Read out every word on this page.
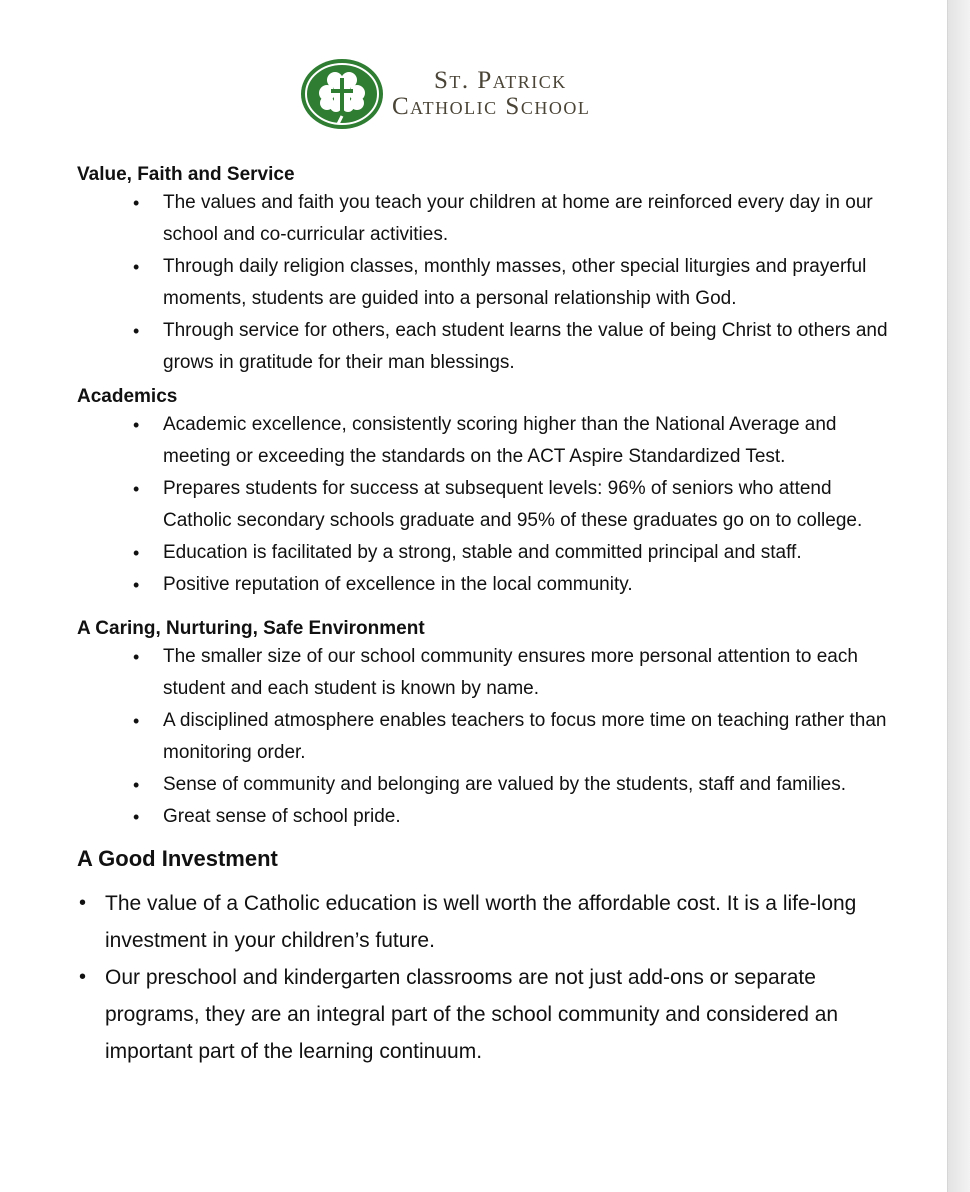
St. Patrick
Catholic School
Value, Faith and Service
• The values and faith you teach your children at home are reinforced every day in our school and co-curricular activities.
• Through daily religion classes, monthly masses, other special liturgies and prayerful moments, students are guided into a personal relationship with God.
• Through service for others, each student learns the value of being Christ to others and grows in gratitude for their man blessings.
Academics
• Academic excellence, consistently scoring higher than the National Average and meeting or exceeding the standards on the ACT Aspire Standardized Test.
• Prepares students for success at subsequent levels: 96% of seniors who attend Catholic secondary schools graduate and 95% of these graduates go on to college.
• Education is facilitated by a strong, stable and committed principal and staff.
• Positive reputation of excellence in the local community.
A Caring, Nurturing, Safe Environment
• The smaller size of our school community ensures more personal attention to each student and each student is known by name.
• A disciplined atmosphere enables teachers to focus more time on teaching rather than monitoring order.
• Sense of community and belonging are valued by the students, staff and families.
• Great sense of school pride.
A Good Investment
• The value of a Catholic education is well worth the affordable cost. It is a life-long investment in your children’s future.
• Our preschool and kindergarten classrooms are not just add-ons or separate programs, they are an integral part of the school community and considered an important part of the learning continuum.
